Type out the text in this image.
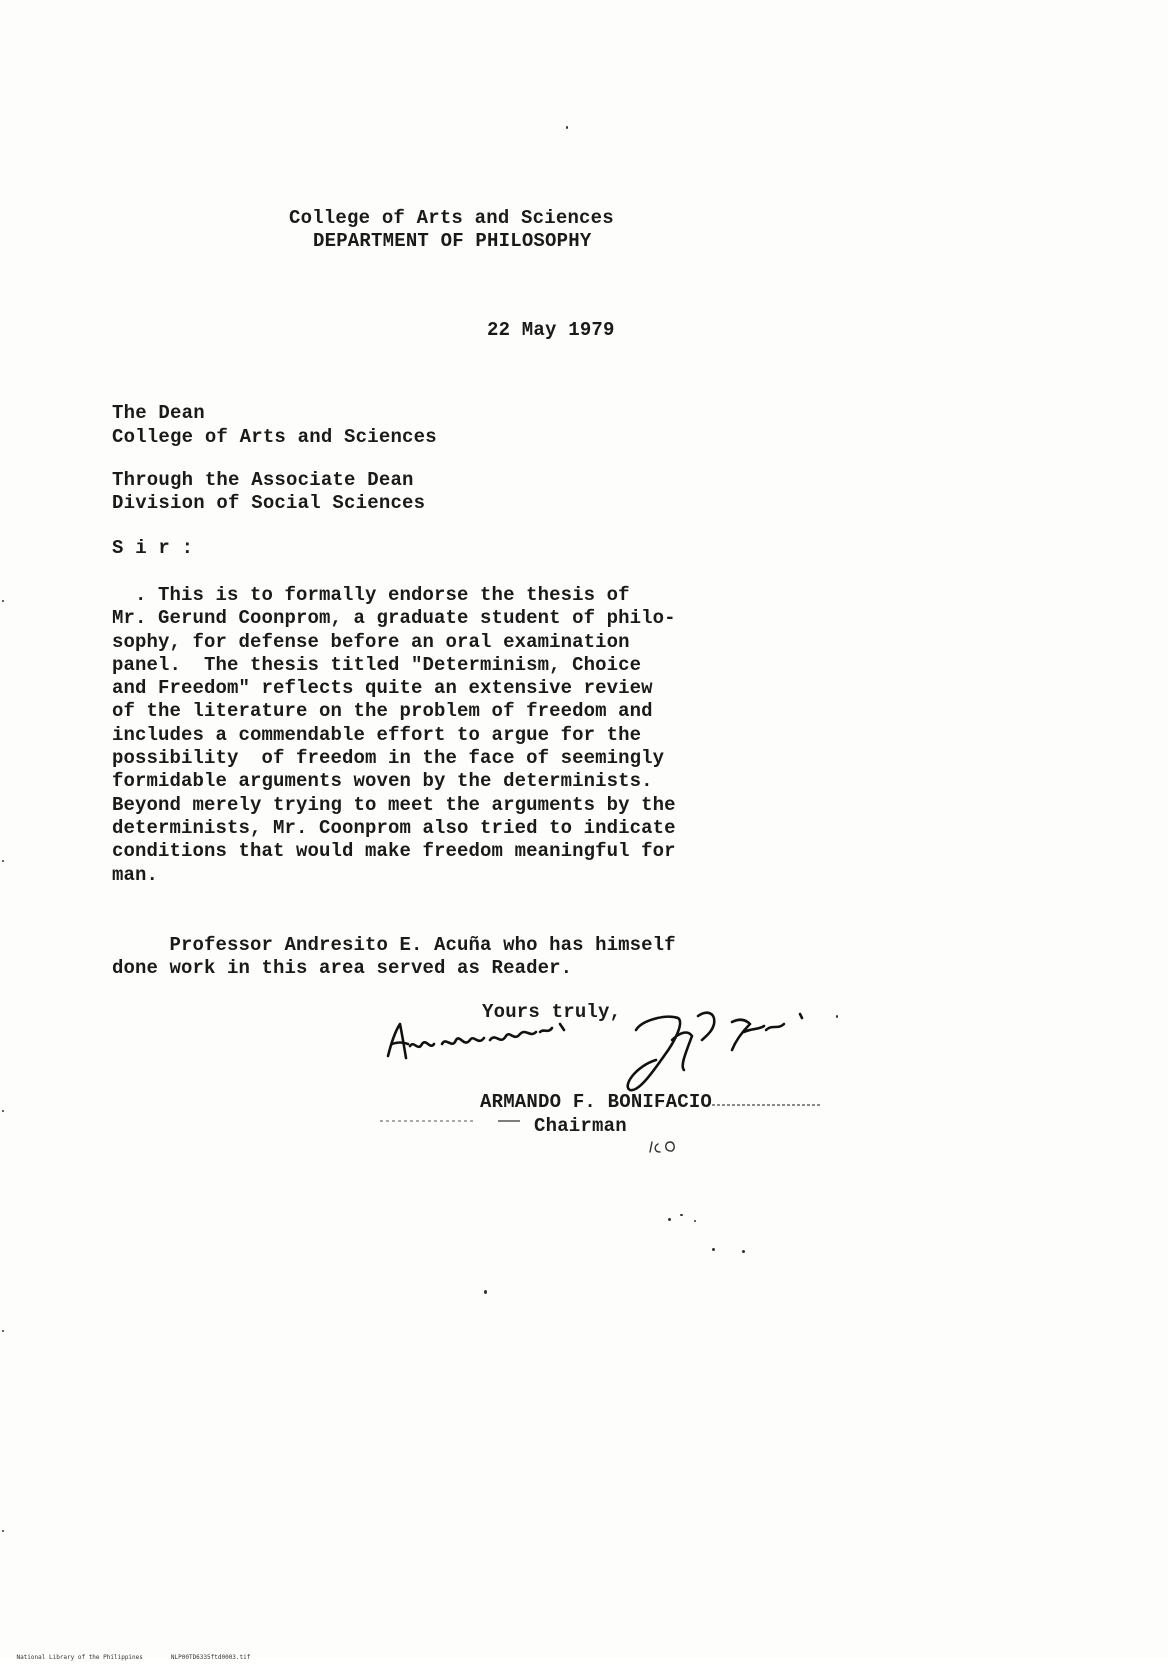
College of Arts and Sciences
DEPARTMENT OF PHILOSOPHY
22 May 1979
The Dean
College of Arts and Sciences
Through the Associate Dean
Division of Social Sciences
S i r :
. This is to formally endorse the thesis of
Mr. Gerund Coonprom, a graduate student of philo-
sophy, for defense before an oral examination
panel.  The thesis titled "Determinism, Choice
and Freedom" reflects quite an extensive review
of the literature on the problem of freedom and
includes a commendable effort to argue for the
possibility  of freedom in the face of seemingly
formidable arguments woven by the determinists.
Beyond merely trying to meet the arguments by the
determinists, Mr. Coonprom also tried to indicate
conditions that would make freedom meaningful for
man.
Professor Andresito E. Acuña who has himself
done work in this area served as Reader.
Yours truly,
ARMANDO F. BONIFACIO
Chairman

National Library of the Philippines	NLP00TD6335ftd0003.tif
